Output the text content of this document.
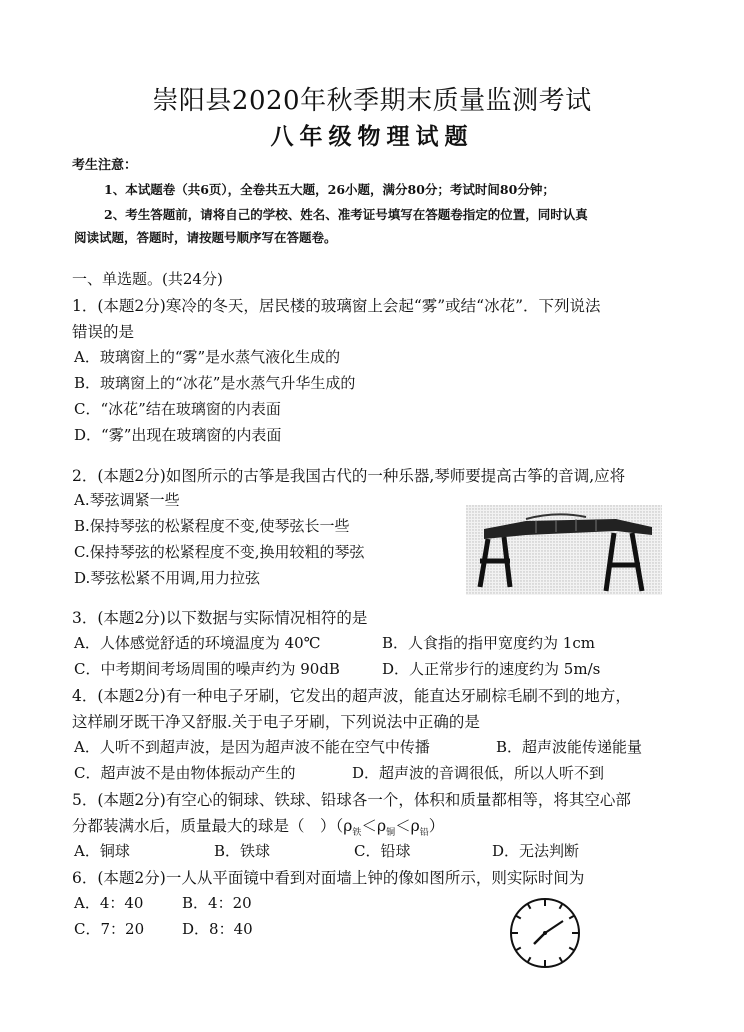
崇阳县2020年秋季期末质量监测考试
八年级物理试题
考生注意：
1、本试题卷（共6页），全卷共五大题，26小题，满分80分；考试时间80分钟；
2、考生答题前，请将自己的学校、姓名、准考证号填写在答题卷指定的位置，同时认真
阅读试题，答题时，请按题号顺序写在答题卷。
一、单选题。(共24分)
1．(本题2分)寒冷的冬天，居民楼的玻璃窗上会起“雾”或结“冰花”．下列说法
错误的是
A．玻璃窗上的“雾”是水蒸气液化生成的
B．玻璃窗上的“冰花”是水蒸气升华生成的
C．“冰花”结在玻璃窗的内表面
D．“雾”出现在玻璃窗的内表面
2．(本题2分)如图所示的古筝是我国古代的一种乐器,琴师要提高古筝的音调,应将
A.琴弦调紧一些
B.保持琴弦的松紧程度不变,使琴弦长一些
C.保持琴弦的松紧程度不变,换用较粗的琴弦
D.琴弦松紧不用调,用力拉弦
3．(本题2分)以下数据与实际情况相符的是
A．人体感觉舒适的环境温度为 40℃	B．人食指的指甲宽度约为 1cm
C．中考期间考场周围的噪声约为 90dB	D．人正常步行的速度约为 5m/s
4．(本题2分)有一种电子牙刷，它发出的超声波，能直达牙刷棕毛刷不到的地方，
这样刷牙既干净又舒服.关于电子牙刷，下列说法中正确的是
A．人听不到超声波，是因为超声波不能在空气中传播	B．超声波能传递能量
C．超声波不是由物体振动产生的	D．超声波的音调很低，所以人听不到
5．(本题2分)有空心的铜球、铁球、铅球各一个，体积和质量都相等，将其空心部
分都装满水后，质量最大的球是（　）$(\rho_铁<\rho_铜<\rho_铅)$
A．铜球	B．铁球	C．铅球	D．无法判断
6．(本题2分)一人从平面镜中看到对面墙上钟的像如图所示，则实际时间为
A．4：40	B．4：20
C．7：20	D．8：40
